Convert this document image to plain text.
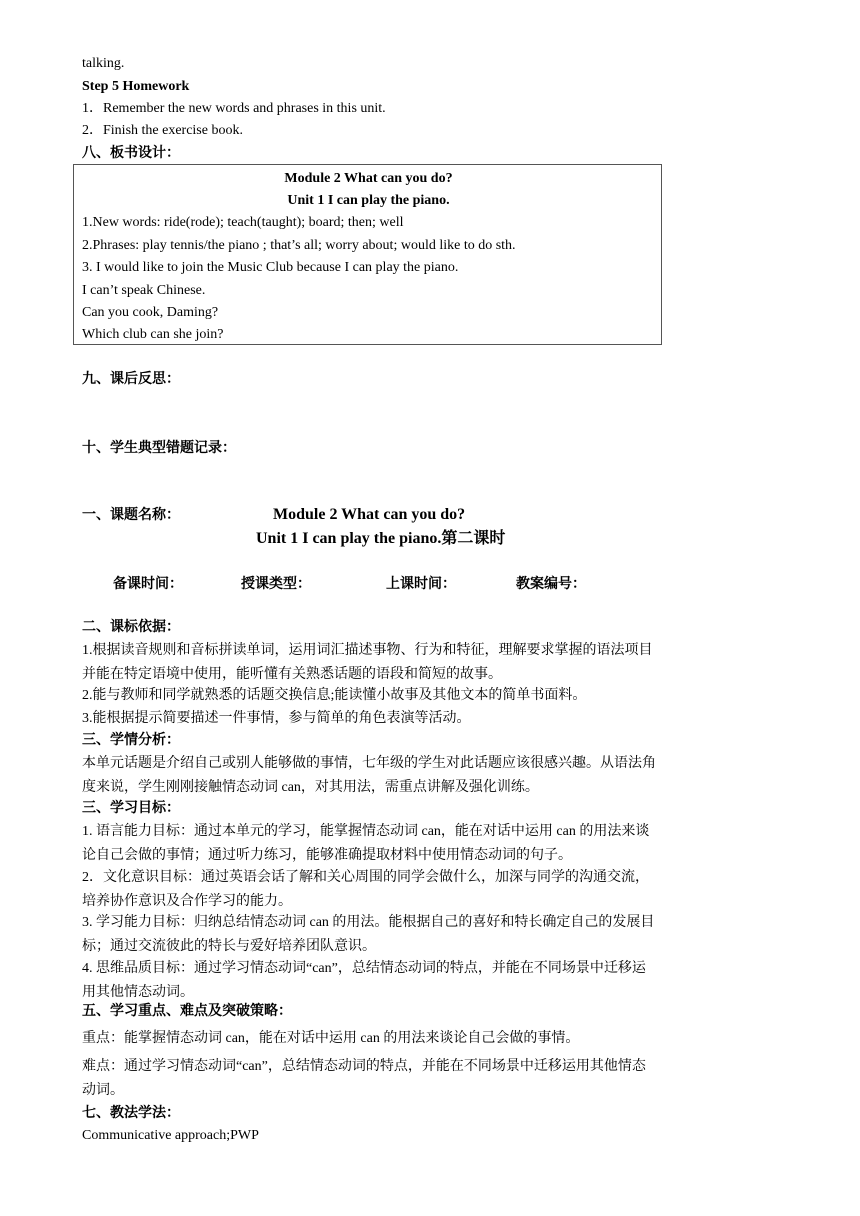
talking.
Step 5 Homework
1．Remember the new words and phrases in this unit.
2．Finish the exercise book.
八、板书设计：
Module 2 What can you do?
Unit 1 I can play the piano.
1.New words: ride(rode); teach(taught); board; then; well
2.Phrases: play tennis/the piano ; that’s all; worry about; would like to do sth.
3. I would like to join the Music Club because I can play the piano.
I can’t speak Chinese.
Can you cook, Daming?
Which club can she join?
九、课后反思：
十、学生典型错题记录：
一、课题名称：	Module 2 What can you do?
Unit 1 I can play the piano.第二课时
备课时间：	授课类型：	上课时间：	教案编号：
二、课标依据：
1.根据读音规则和音标拼读单词，运用词汇描述事物、行为和特征，理解要求掌握的语法项目并能在特定语境中使用，能听懂有关熟悉话题的语段和简短的故事。
2.能与教师和同学就熟悉的话题交换信息;能读懂小故事及其他文本的简单书面料。
3.能根据提示简要描述一件事情，参与简单的角色表演等活动。
三、学情分析：
本单元话题是介绍自己或别人能够做的事情，七年级的学生对此话题应该很感兴趣。从语法角度来说，学生刚刚接触情态动词 can，对其用法，需重点讲解及强化训练。
三、学习目标：
1. 语言能力目标：通过本单元的学习，能掌握情态动词 can，能在对话中运用 can 的用法来谈论自己会做的事情；通过听力练习，能够准确提取材料中使用情态动词的句子。
2．文化意识目标：通过英语会话了解和关心周围的同学会做什么，加深与同学的沟通交流，培养协作意识及合作学习的能力。
3. 学习能力目标：归纳总结情态动词 can 的用法。能根据自己的喜好和特长确定自己的发展目标；通过交流彼此的特长与爱好培养团队意识。
4. 思维品质目标：通过学习情态动词“can”，总结情态动词的特点，并能在不同场景中迁移运用其他情态动词。
五、学习重点、难点及突破策略：
重点：能掌握情态动词 can，能在对话中运用 can 的用法来谈论自己会做的事情。
难点：通过学习情态动词“can”，总结情态动词的特点，并能在不同场景中迁移运用其他情态动词。
七、教法学法：
Communicative approach;PWP
